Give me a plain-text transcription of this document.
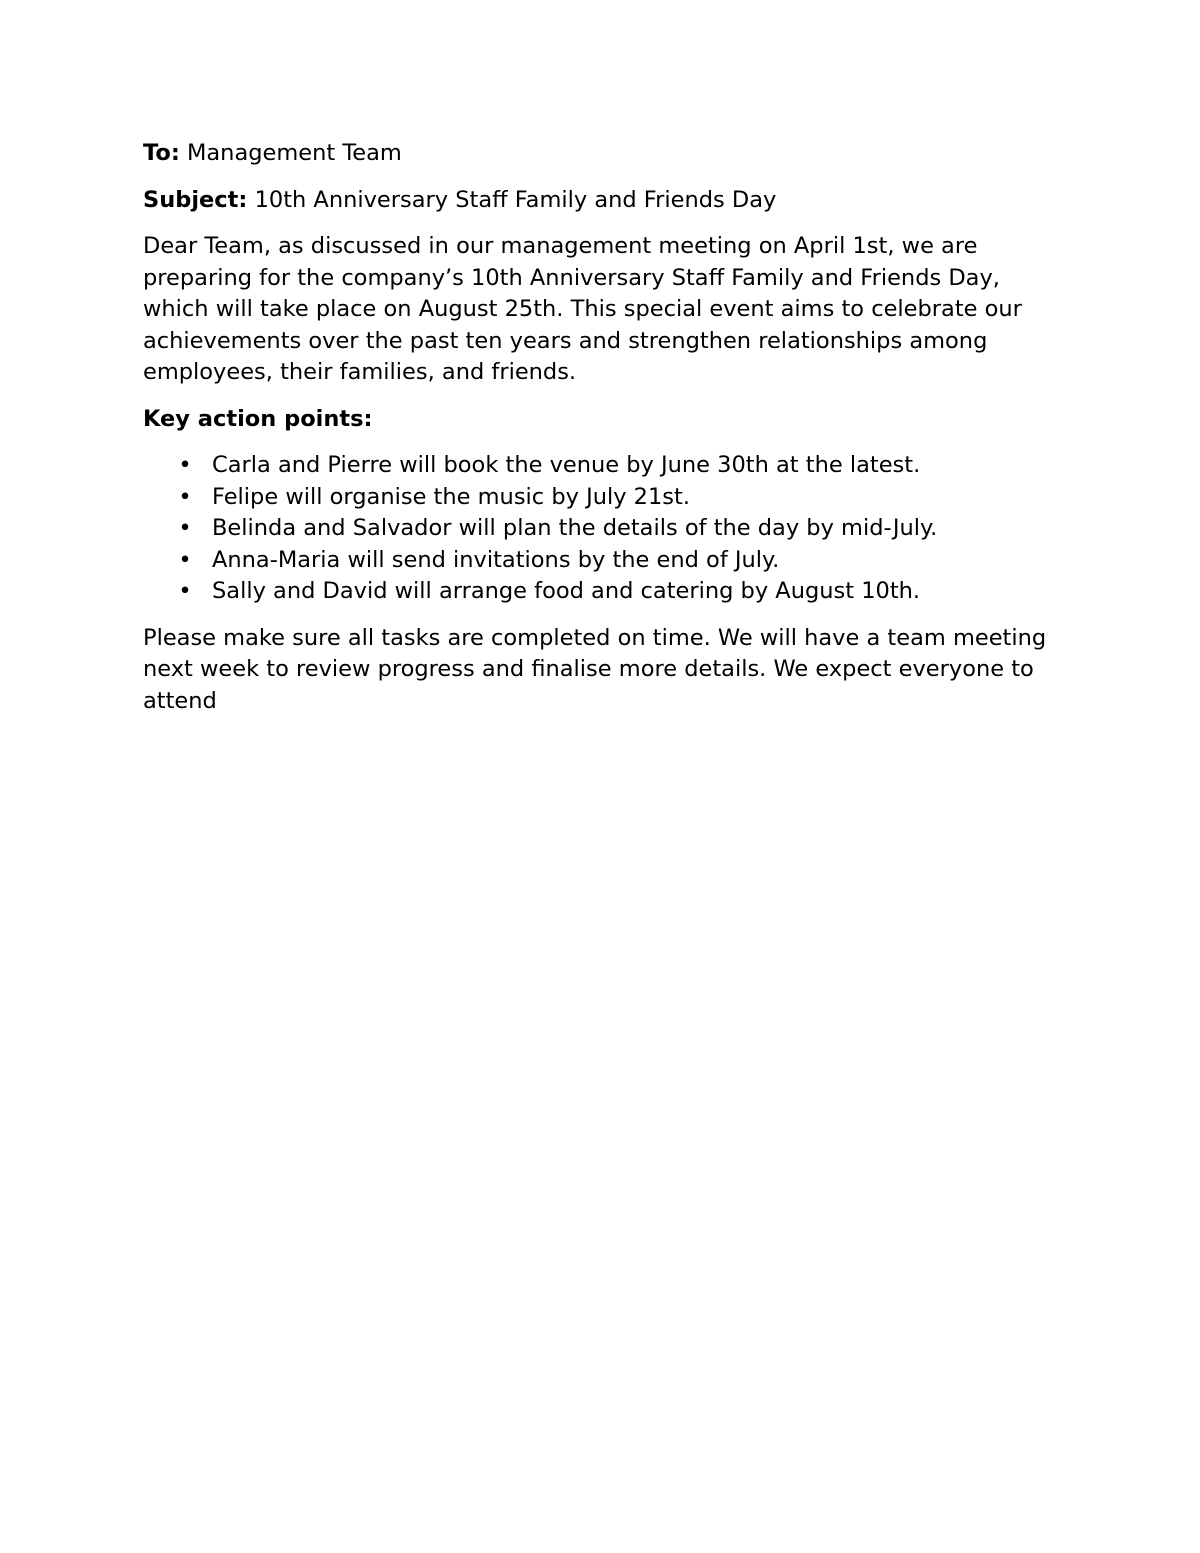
To: Management Team

Subject: 10th Anniversary Staff Family and Friends Day

Dear Team, as discussed in our management meeting on April 1st, we are preparing for the company’s 10th Anniversary Staff Family and Friends Day, which will take place on August 25th. This special event aims to celebrate our achievements over the past ten years and strengthen relationships among employees, their families, and friends.

Key action points:

• Carla and Pierre will book the venue by June 30th at the latest.
• Felipe will organise the music by July 21st.
• Belinda and Salvador will plan the details of the day by mid-July.
• Anna-Maria will send invitations by the end of July.
• Sally and David will arrange food and catering by August 10th.

Please make sure all tasks are completed on time. We will have a team meeting next week to review progress and finalise more details. We expect everyone to attend
